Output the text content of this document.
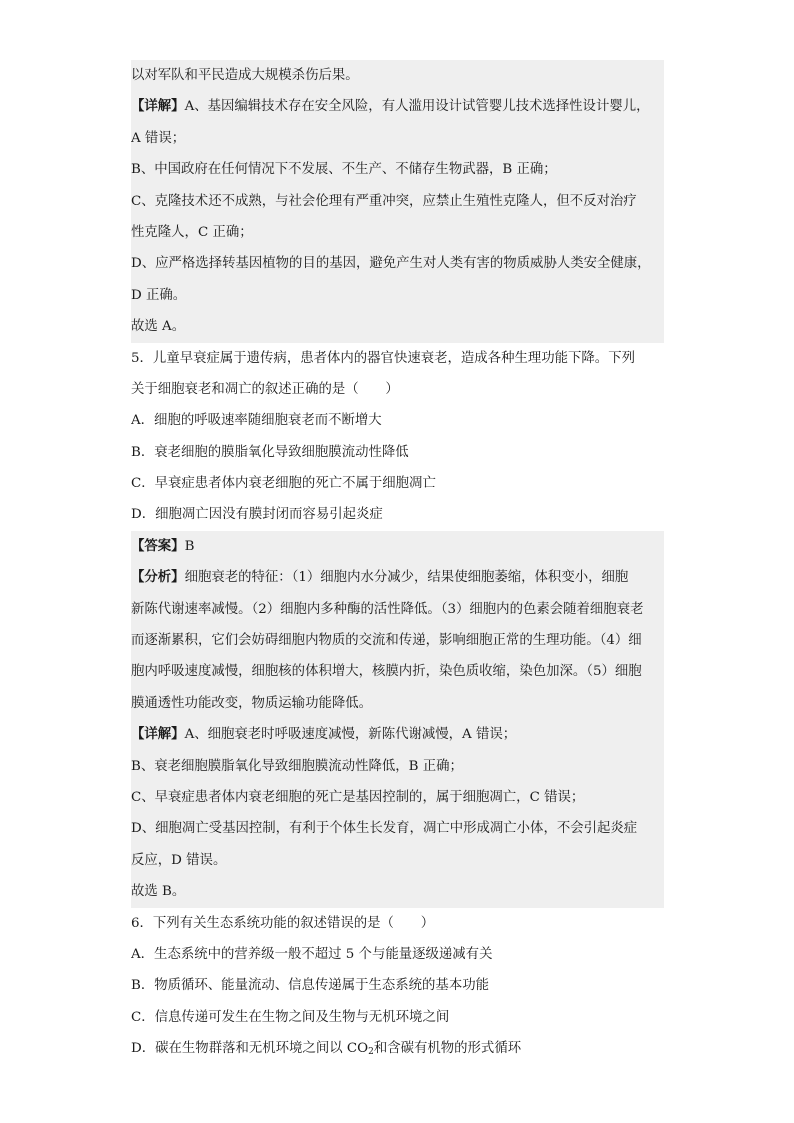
以对军队和平民造成大规模杀伤后果。
【详解】A、基因编辑技术存在安全风险，有人滥用设计试管婴儿技术选择性设计婴儿，
A 错误；
B、中国政府在任何情况下不发展、不生产、不储存生物武器，B 正确；
C、克隆技术还不成熟，与社会伦理有严重冲突，应禁止生殖性克隆人，但不反对治疗
性克隆人，C 正确；
D、应严格选择转基因植物的目的基因，避免产生对人类有害的物质威胁人类安全健康，
D 正确。
故选 A。
5．儿童早衰症属于遗传病，患者体内的器官快速衰老，造成各种生理功能下降。下列
关于细胞衰老和凋亡的叙述正确的是（　　）
A．细胞的呼吸速率随细胞衰老而不断增大
B．衰老细胞的膜脂氧化导致细胞膜流动性降低
C．早衰症患者体内衰老细胞的死亡不属于细胞凋亡
D．细胞凋亡因没有膜封闭而容易引起炎症
【答案】B
【分析】细胞衰老的特征：（1）细胞内水分减少，结果使细胞萎缩，体积变小，细胞
新陈代谢速率减慢。（2）细胞内多种酶的活性降低。（3）细胞内的色素会随着细胞衰老
而逐渐累积，它们会妨碍细胞内物质的交流和传递，影响细胞正常的生理功能。（4）细
胞内呼吸速度减慢，细胞核的体积增大，核膜内折，染色质收缩，染色加深。（5）细胞
膜通透性功能改变，物质运输功能降低。
【详解】A、细胞衰老时呼吸速度减慢，新陈代谢减慢，A 错误；
B、衰老细胞膜脂氧化导致细胞膜流动性降低，B 正确；
C、早衰症患者体内衰老细胞的死亡是基因控制的，属于细胞凋亡，C 错误；
D、细胞凋亡受基因控制，有利于个体生长发育，凋亡中形成凋亡小体，不会引起炎症
反应，D 错误。
故选 B。
6．下列有关生态系统功能的叙述错误的是（　　）
A．生态系统中的营养级一般不超过 5 个与能量逐级递减有关
B．物质循环、能量流动、信息传递属于生态系统的基本功能
C．信息传递可发生在生物之间及生物与无机环境之间
D．碳在生物群落和无机环境之间以 $CO_2$和含碳有机物的形式循环
